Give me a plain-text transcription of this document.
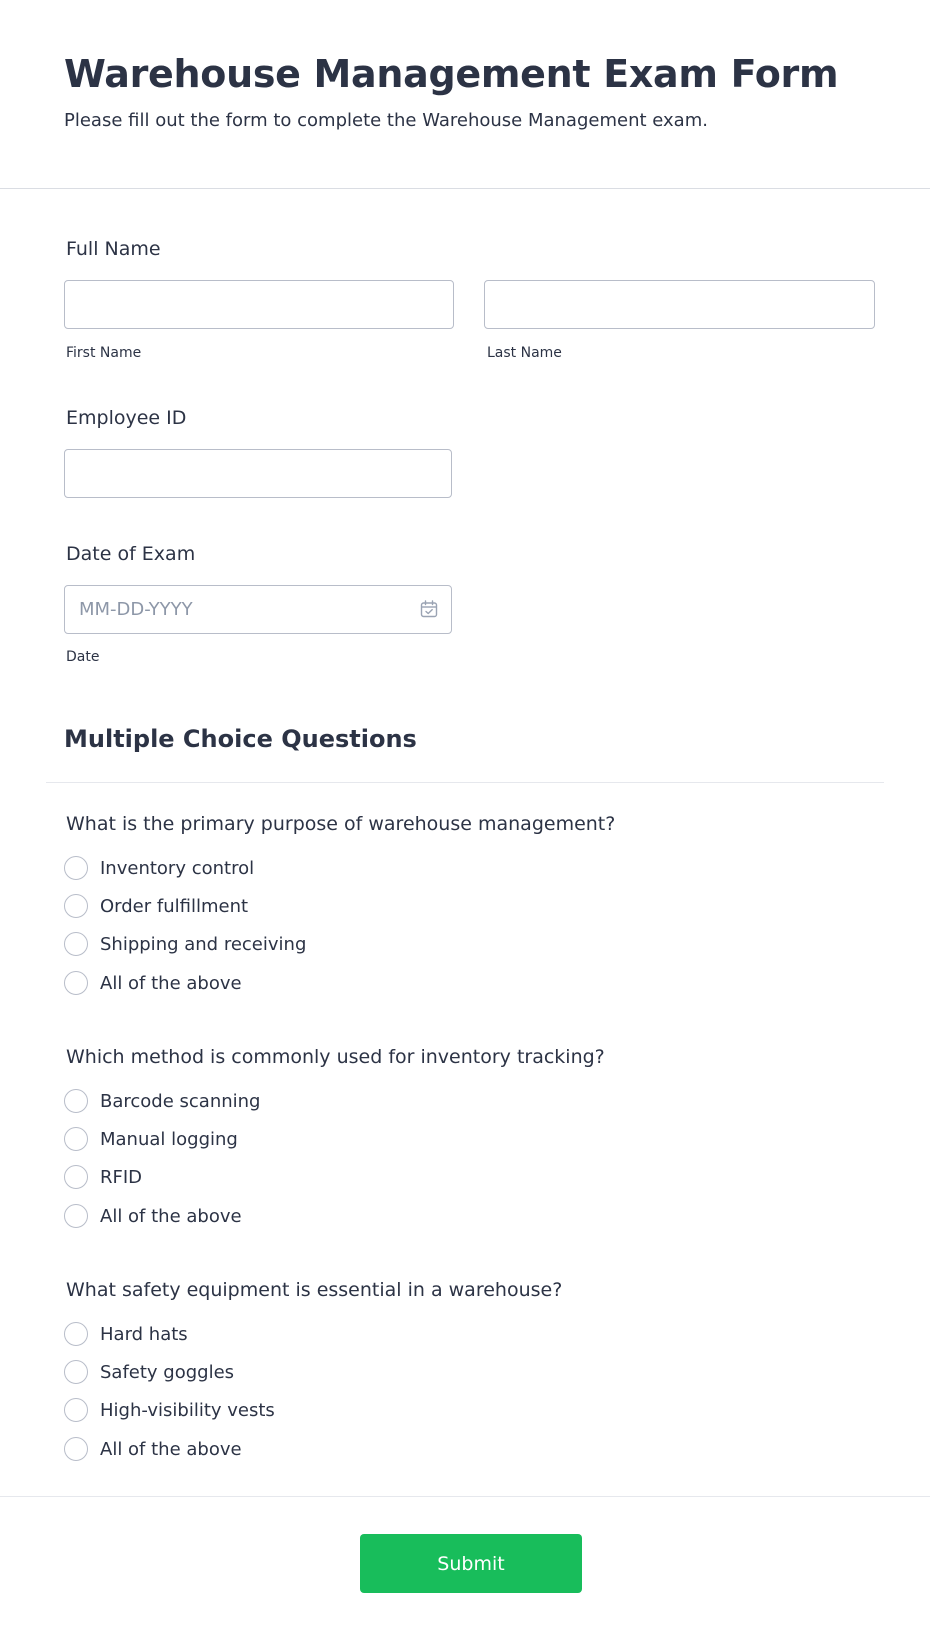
Warehouse Management Exam Form

Please fill out the form to complete the Warehouse Management exam.

Full Name
First Name	Last Name
Employee ID
Date of Exam
MM-DD-YYYY
Date
Multiple Choice Questions
What is the primary purpose of warehouse management?
Inventory control
Order fulfillment
Shipping and receiving
All of the above
Which method is commonly used for inventory tracking?
Barcode scanning
Manual logging
RFID
All of the above
What safety equipment is essential in a warehouse?
Hard hats
Safety goggles
High-visibility vests
All of the above
Submit
